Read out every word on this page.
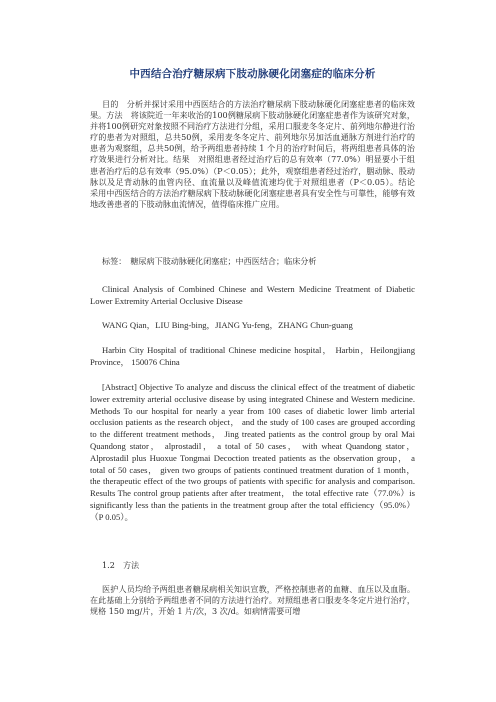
中西结合治疗糖尿病下肢动脉硬化闭塞症的临床分析

目的　分析并探讨采用中西医结合的方法治疗糖尿病下肢动脉硬化闭塞症患者的临床效果。方法　将该院近一年来收治的100例糖尿病下肢动脉硬化闭塞症患者作为该研究对象，并将100例研究对象按照不同治疗方法进行分组，采用口服麦冬冬定片、前列地尔静进行治疗的患者为对照组，总共50例，采用麦冬冬定片、前列地尔另加活血通脉方剂进行治疗的患者为观察组，总共50例，给予两组患者持续 1 个月的治疗时间后，将两组患者具体的治疗效果进行分析对比。结果　对照组患者经过治疗后的总有效率（77.0%）明显要小于组患者治疗后的总有效率（95.0%）（P＜0.05）；此外，观察组患者经过治疗，胭动脉、股动脉以及足背动脉的血管内径、血流量以及峰值流速均优于对照组患者（P＜0.05）。结论　采用中西医结合的方法治疗糖尿病下肢动脉硬化闭塞症患者具有安全性与可靠性，能够有效地改善患者的下肢动脉血流情况，值得临床推广应用。

标签：　糖尿病下肢动脉硬化闭塞症；中西医结合；临床分析

Clinical Analysis of Combined Chinese and Western Medicine Treatment of Diabetic Lower Extremity Arterial Occlusive Disease

WANG Qian，LIU Bing-bing，JIANG Yu-feng，ZHANG Chun-guang

Harbin City Hospital of traditional Chinese medicine hospital， Harbin，Heilongjiang Province， 150076 China

[Abstract] Objective To analyze and discuss the clinical effect of the treatment of diabetic lower extremity arterial occlusive disease by using integrated Chinese and Western medicine. Methods To our hospital for nearly a year from 100 cases of diabetic lower limb arterial occlusion patients as the research object， and the study of 100 cases are grouped according to the different treatment methods， Jing treated patients as the control group by oral Mai Quandong stator， alprostadil， a total of 50 cases， with wheat Quandong stator， Alprostadil plus Huoxue Tongmai Decoction treated patients as the observation group， a total of 50 cases， given two groups of patients continued treatment duration of 1 month， the therapeutic effect of the two groups of patients with specific for analysis and comparison. Results The control group patients after after treatment， the total effective rate（77.0%）is significantly less than the patients in the treatment group after the total efficiency（95.0%）（P 0.05）。

1.2　方法

医护人员均给予两组患者糖尿病相关知识宣教，严格控制患者的血糖、血压以及血脂。在此基础上分别给予两组患者不同的方法进行治疗。对照组患者口服麦冬冬定片进行治疗，规格 150 mg/片，开始 1 片/次，3 次/d。如病情需要可增
